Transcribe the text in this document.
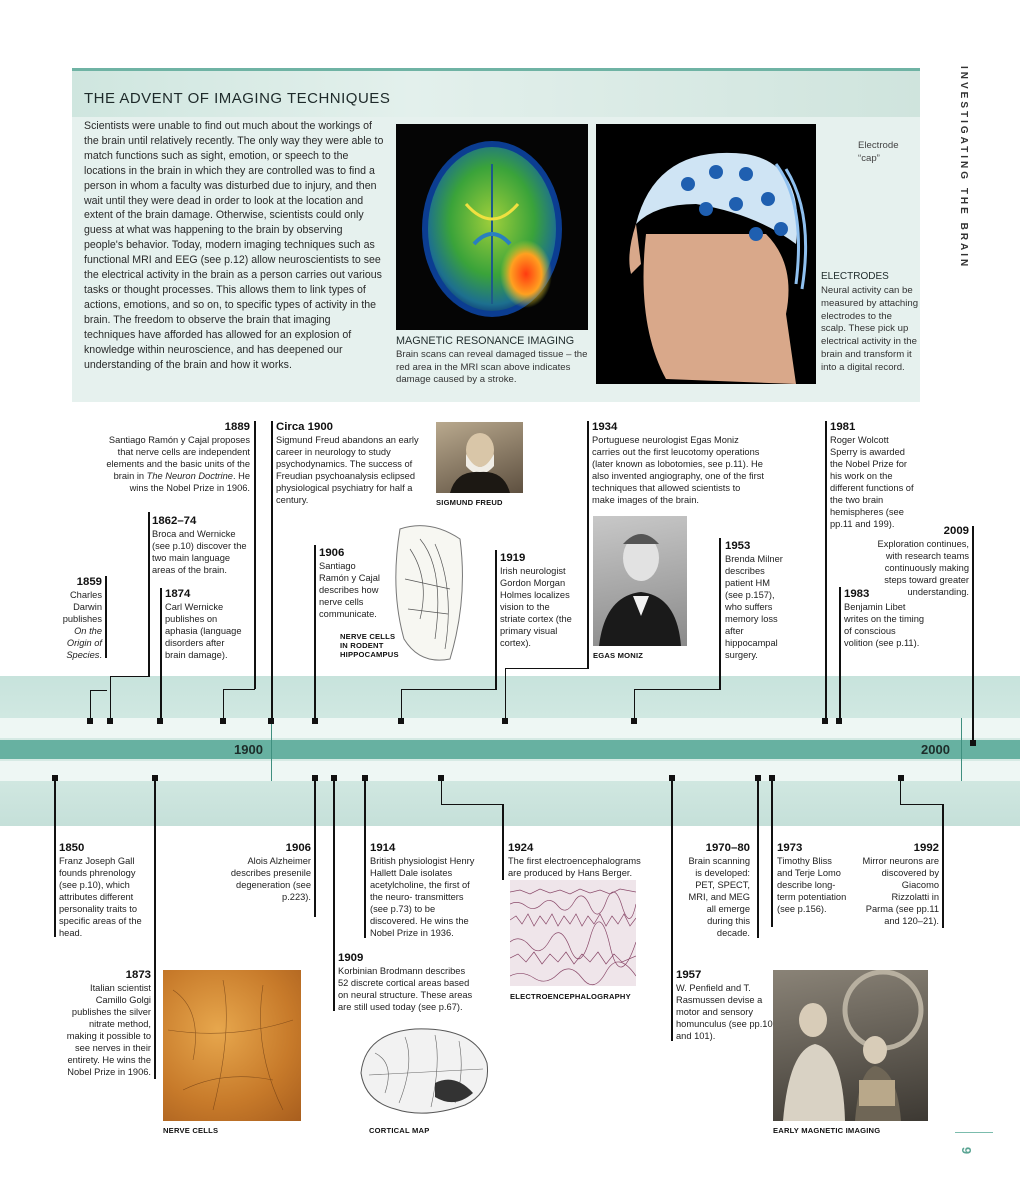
INVESTIGATING THE BRAIN
9
THE ADVENT OF IMAGING TECHNIQUES
Scientists were unable to find out much about the workings of the brain until relatively recently. The only way they were able to match functions such as sight, emotion, or speech to the locations in the brain in which they are controlled was to find a person in whom a faculty was disturbed due to injury, and then wait until they were dead in order to look at the location and extent of the brain damage. Otherwise, scientists could only guess at what was happening to the brain by observing people's behavior. Today, modern imaging techniques such as functional MRI and EEG (see p.12) allow neuroscientists to see the electrical activity in the brain as a person carries out various tasks or thought processes. This allows them to link types of actions, emotions, and so on, to specific types of activity in the brain. The freedom to observe the brain that imaging techniques have afforded has allowed for an explosion of knowledge within neuroscience, and has deepened our understanding of the brain and how it works.
MAGNETIC RESONANCE IMAGING
Brain scans can reveal damaged tissue – the red area in the MRI scan above indicates damage caused by a stroke.
Electrode “cap”
ELECTRODES
Neural activity can be measured by attaching electrodes to the scalp. These pick up electrical activity in the brain and transform it into a digital record.
1900	2000
1859
Charles Darwin publishes On the Origin of Species.
1862–74
Broca and Wernicke (see p.10) discover the two main language areas of the brain.
1874
Carl Wernicke publishes on aphasia (language disorders after brain damage).
1889
Santiago Ramón y Cajal proposes that nerve cells are independent elements and the basic units of the brain in The Neuron Doctrine. He wins the Nobel Prize in 1906.
Circa 1900
Sigmund Freud abandons an early career in neurology to study psychodynamics. The success of Freudian psychoanalysis eclipsed physiological psychiatry for half a century.
1906
Santiago Ramón y Cajal describes how nerve cells communicate.
1919
Irish neurologist Gordon Morgan Holmes localizes vision to the striate cortex (the primary visual cortex).
1934
Portuguese neurologist Egas Moniz carries out the first leucotomy operations (later known as lobotomies, see p.11). He also invented angiography, one of the first techniques that allowed scientists to make images of the brain.
1953
Brenda Milner describes patient HM (see p.157), who suffers memory loss after hippocampal surgery.
1981
Roger Wolcott Sperry is awarded the Nobel Prize for his work on the different functions of the two brain hemispheres (see pp.11 and 199).
1983
Benjamin Libet writes on the timing of conscious volition (see p.11).
2009
Exploration continues, with research teams continuously making steps toward greater understanding.
SIGMUND FREUD
NERVE CELLS IN RODENT HIPPOCAMPUS	EGAS MONIZ
1850
Franz Joseph Gall founds phrenology (see p.10), which attributes different personality traits to specific areas of the head.
1873
Italian scientist Camillo Golgi publishes the silver nitrate method, making it possible to see nerves in their entirety. He wins the Nobel Prize in 1906.
1906
Alois Alzheimer describes presenile degeneration (see p.223).
1909
Korbinian Brodmann describes 52 discrete cortical areas based on neural structure. These areas are still used today (see p.67).
1914
British physiologist Henry Hallett Dale isolates acetylcholine, the first of the neuro- transmitters (see p.73) to be discovered. He wins the Nobel Prize in 1936.
1924
The first electroencephalograms are produced by Hans Berger.
1957
W. Penfield and T. Rasmussen devise a motor and sensory homunculus (see pp.10 and 101).
1970–80
Brain scanning is developed: PET, SPECT, MRI, and MEG all emerge during this decade.
1973
Timothy Bliss and Terje Lomo describe long-term potentiation (see p.156).
1992
Mirror neurons are discovered by Giacomo Rizzolatti in Parma (see pp.11 and 120–21).
NERVE CELLS	CORTICAL MAP
ELECTROENCEPHALOGRAPHY
EARLY MAGNETIC IMAGING
